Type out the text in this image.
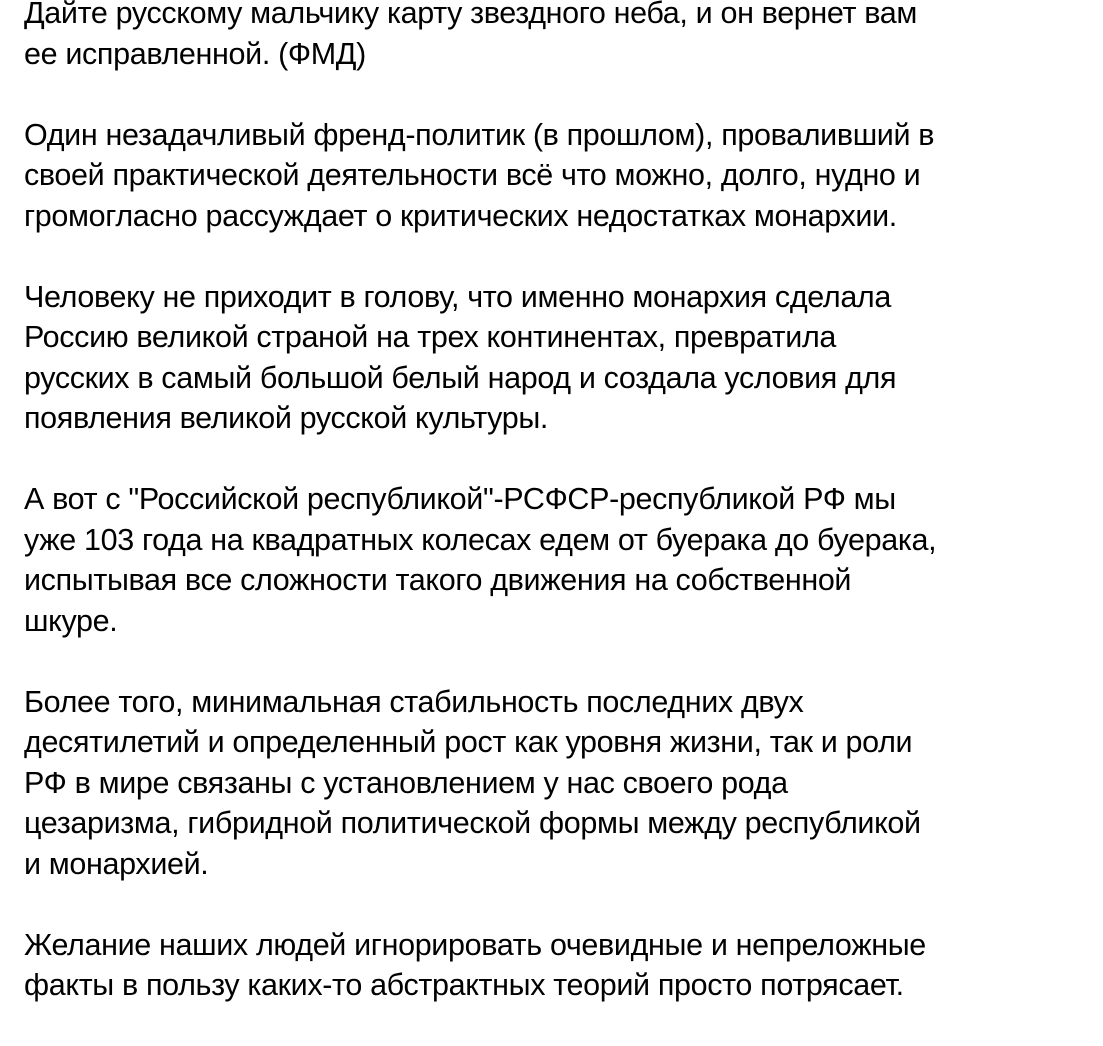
Дайте русскому мальчику карту звездного неба, и он вернет вам
ее исправленной. (ФМД)

Один незадачливый френд-политик (в прошлом), проваливший в
своей практической деятельности всё что можно, долго, нудно и
громогласно рассуждает о критических недостатках монархии.

Человеку не приходит в голову, что именно монархия сделала
Россию великой страной на трех континентах, превратила
русских в самый большой белый народ и создала условия для
появления великой русской культуры.

А вот с "Российской республикой"-РСФСР-республикой РФ мы
уже 103 года на квадратных колесах едем от буерака до буерака,
испытывая все сложности такого движения на собственной
шкуре.

Более того, минимальная стабильность последних двух
десятилетий и определенный рост как уровня жизни, так и роли
РФ в мире связаны с установлением у нас своего рода
цезаризма, гибридной политической формы между республикой
и монархией.

Желание наших людей игнорировать очевидные и непреложные
факты в пользу каких-то абстрактных теорий просто потрясает.
